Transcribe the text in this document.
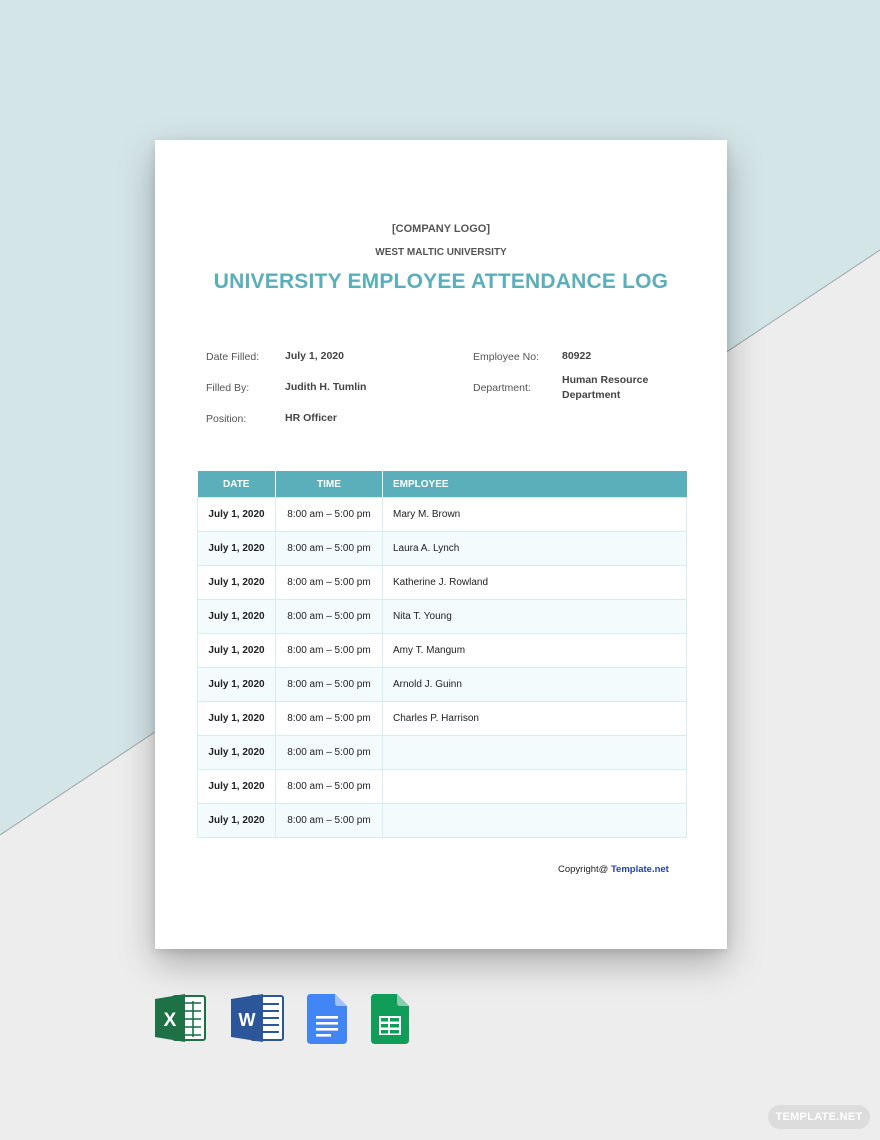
[COMPANY LOGO]
WEST MALTIC UNIVERSITY
UNIVERSITY EMPLOYEE ATTENDANCE LOG
Date Filled: July 1, 2020
Filled By:	Judith H. Tumlin
Position:	HR Officer
Employee No: 80922
Department:
Human Resource
Department
DATE	TIME	EMPLOYEE
July 1, 2020	8:00 am – 5:00 pm	Mary M. Brown
July 1, 2020	8:00 am – 5:00 pm	Laura A. Lynch
July 1, 2020	8:00 am – 5:00 pm	Katherine J. Rowland
July 1, 2020	8:00 am – 5:00 pm	Nita T. Young
July 1, 2020	8:00 am – 5:00 pm	Amy T. Mangum
July 1, 2020	8:00 am – 5:00 pm	Arnold J. Guinn
July 1, 2020	8:00 am – 5:00 pm	Charles P. Harrison
July 1, 2020	8:00 am – 5:00 pm	
July 1, 2020	8:00 am – 5:00 pm	
July 1, 2020	8:00 am – 5:00 pm	
Copyright@ Template.net
X	W
TEMPLATE.NET
